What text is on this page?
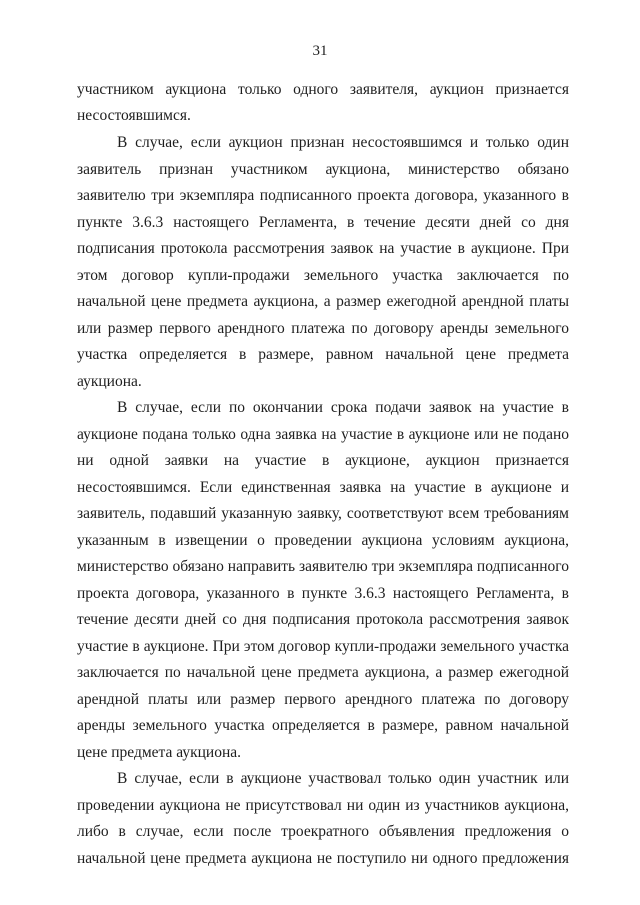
31

участником аукциона только одного заявителя, аукцион признается

несостоявшимся.

В случае, если аукцион признан несостоявшимся и только один

заявитель признан участником аукциона, министерство обязано

заявителю три экземпляра подписанного проекта договора, указанного в

пункте 3.6.3 настоящего Регламента, в течение десяти дней со дня

подписания протокола рассмотрения заявок на участие в аукционе. При

этом договор купли-продажи земельного участка заключается по

начальной цене предмета аукциона, а размер ежегодной арендной платы

или размер первого арендного платежа по договору аренды земельного

участка определяется в размере, равном начальной цене предмета

аукциона.

В случае, если по окончании срока подачи заявок на участие в

аукционе подана только одна заявка на участие в аукционе или не подано

ни одной заявки на участие в аукционе, аукцион признается

несостоявшимся. Если единственная заявка на участие в аукционе и

заявитель, подавший указанную заявку, соответствуют всем требованиям

указанным в извещении о проведении аукциона условиям аукциона,

министерство обязано направить заявителю три экземпляра подписанного

проекта договора, указанного в пункте 3.6.3 настоящего Регламента, в

течение десяти дней со дня подписания протокола рассмотрения заявок

участие в аукционе. При этом договор купли-продажи земельного участка

заключается по начальной цене предмета аукциона, а размер ежегодной

арендной платы или размер первого арендного платежа по договору

аренды земельного участка определяется в размере, равном начальной

цене предмета аукциона.

В случае, если в аукционе участвовал только один участник или

проведении аукциона не присутствовал ни один из участников аукциона,

либо в случае, если после троекратного объявления предложения о

начальной цене предмета аукциона не поступило ни одного предложения
